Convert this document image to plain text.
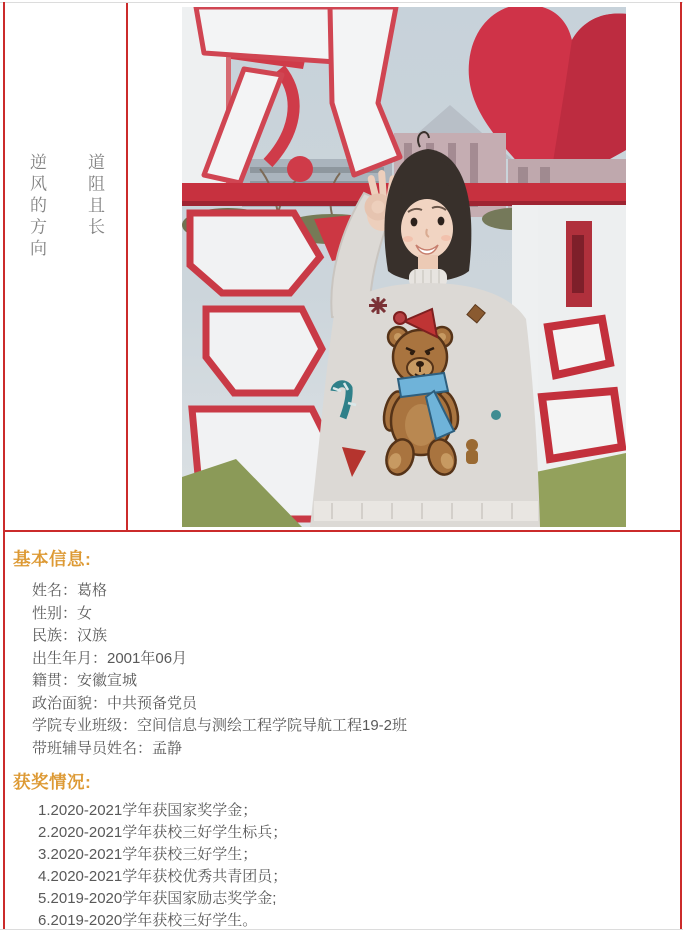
逆风的方向 道阻且长
基本信息:
姓名：葛格
性别：女
民族：汉族
出生年月：2001年06月
籍贯：安徽宣城
政治面貌：中共预备党员
学院专业班级：空间信息与测绘工程学院导航工程19-2班
带班辅导员姓名：孟静
获奖情况:
1.2020-2021学年获国家奖学金；
2.2020-2021学年获校三好学生标兵；
3.2020-2021学年获校三好学生；
4.2020-2021学年获校优秀共青团员；
5.2019-2020学年获国家励志奖学金;
6.2019-2020学年获校三好学生。
